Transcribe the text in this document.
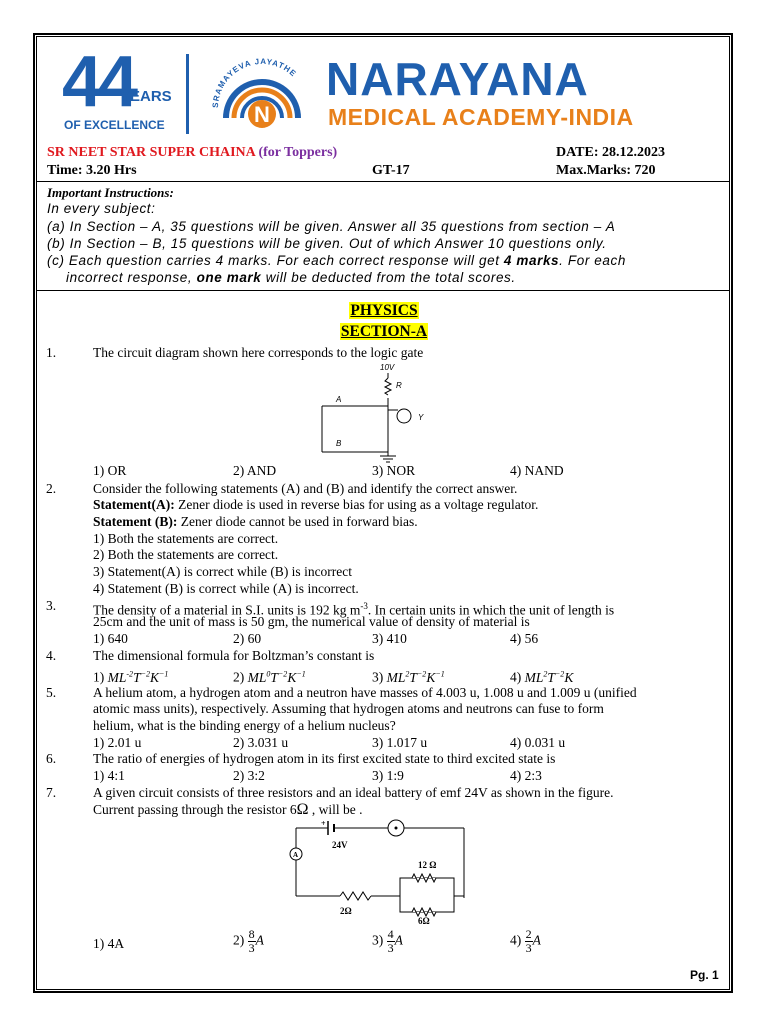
44
YEARS
OF EXCELLENCE
SRAMAYEVA JAYATHE
N
NARAYANA
MEDICAL ACADEMY-INDIA
SR NEET STAR SUPER CHAINA (for Toppers)	DATE: 28.12.2023
Time: 3.20 Hrs	GT-17	Max.Marks: 720
Important Instructions:
In every subject:
(a) In Section – A, 35 questions will be given. Answer all 35 questions from section – A
(b) In Section – B, 15 questions will be given. Out of which Answer 10 questions only.
(c) Each question carries 4 marks. For each correct response will get 4 marks. For each
incorrect response, one mark will be deducted from the total scores.
PHYSICS
SECTION-A
1.	The circuit diagram shown here corresponds to the logic gate
10V
R
Y
A
B
1) OR	2) AND	3) NOR	4) NAND
2.	Consider the following statements (A) and (B) and identify the correct answer.
Statement(A): Zener diode is used in reverse bias for using as a voltage regulator.
Statement (B): Zener diode cannot be used in forward bias.
1) Both the statements are correct.
2) Both the statements are correct.
3) Statement(A) is correct while (B) is incorrect
4) Statement (B) is correct while (A) is incorrect.
3.	The density of a material in S.I. units is 192 kg $m^{-3}$. In certain units in which the unit of length is
25cm and the unit of mass is 50 gm, the numerical value of density of material is
1) 640	2) 60	3) 410	4) 56
4.	The dimensional formula for Boltzman’s constant is
1) $ML^{-2}T^{-2}K^{-1}$	2) $ML^0T^{-2}K^{-1}$	3) $ML^2T^{-2}K^{-1}$	4) $ML^2T^{-2}K$
5.	A helium atom, a hydrogen atom and a neutron have masses of 4.003 u, 1.008 u and 1.009 u (unified
atomic mass units), respectively. Assuming that hydrogen atoms and neutrons can fuse to form
helium, what is the binding energy of a helium nucleus?
1) 2.01 u	2) 3.031 u	3) 1.017 u	4) 0.031 u
6.	The ratio of energies of hydrogen atom in its first excited state to third excited state is
1) 4:1	2) 3:2	3) 1:9	4) 2:3
7.	A given circuit consists of three resistors and an ideal battery of emf 24V as shown in the figure.
Current passing through the resistor 6Ω , will be .
+
24V
A
2Ω
12 Ω
6Ω
1) 4A	$2) \frac{8}{3}$ A	$3) \frac{4}{3}$ A	$4) \frac{2}{3}$ A
Pg. 1
